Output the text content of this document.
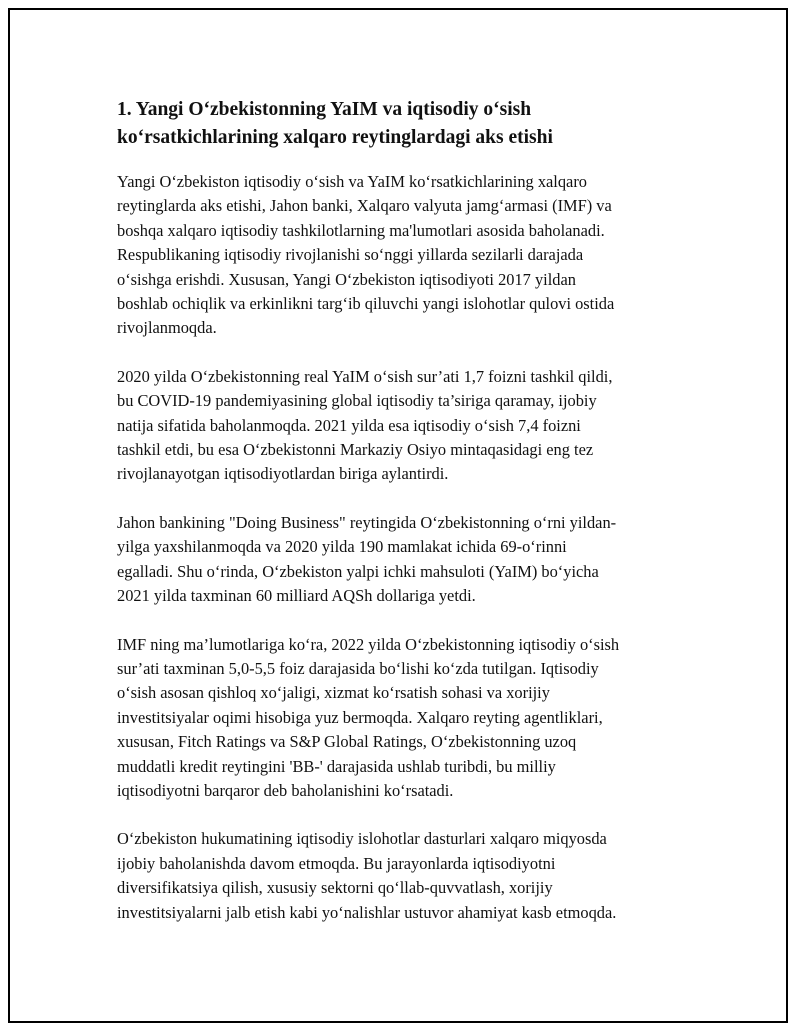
1. Yangi O‘zbekistonning YaIM va iqtisodiy o‘sish
ko‘rsatkichlarining xalqaro reytinglardagi aks etishi

Yangi O‘zbekiston iqtisodiy o‘sish va YaIM ko‘rsatkichlarining xalqaro
reytinglarda aks etishi, Jahon banki, Xalqaro valyuta jamg‘armasi (IMF) va
boshqa xalqaro iqtisodiy tashkilotlarning ma'lumotlari asosida baholanadi.
Respublikaning iqtisodiy rivojlanishi so‘nggi yillarda sezilarli darajada
o‘sishga erishdi. Xususan, Yangi O‘zbekiston iqtisodiyoti 2017 yildan
boshlab ochiqlik va erkinlikni targ‘ib qiluvchi yangi islohotlar qulovi ostida
rivojlanmoqda.

2020 yilda O‘zbekistonning real YaIM o‘sish sur’ati 1,7 foizni tashkil qildi,
bu COVID-19 pandemiyasining global iqtisodiy ta’siriga qaramay, ijobiy
natija sifatida baholanmoqda. 2021 yilda esa iqtisodiy o‘sish 7,4 foizni
tashkil etdi, bu esa O‘zbekistonni Markaziy Osiyo mintaqasidagi eng tez
rivojlanayotgan iqtisodiyotlardan biriga aylantirdi.

Jahon bankining "Doing Business" reytingida O‘zbekistonning o‘rni yildan-
yilga yaxshilanmoqda va 2020 yilda 190 mamlakat ichida 69-o‘rinni
egalladi. Shu o‘rinda, O‘zbekiston yalpi ichki mahsuloti (YaIM) bo‘yicha
2021 yilda taxminan 60 milliard AQSh dollariga yetdi.

IMF ning ma’lumotlariga ko‘ra, 2022 yilda O‘zbekistonning iqtisodiy o‘sish
sur’ati taxminan 5,0-5,5 foiz darajasida bo‘lishi ko‘zda tutilgan. Iqtisodiy
o‘sish asosan qishloq xo‘jaligi, xizmat ko‘rsatish sohasi va xorijiy
investitsiyalar oqimi hisobiga yuz bermoqda. Xalqaro reyting agentliklari,
xususan, Fitch Ratings va S&P Global Ratings, O‘zbekistonning uzoq
muddatli kredit reytingini 'BB-' darajasida ushlab turibdi, bu milliy
iqtisodiyotni barqaror deb baholanishini ko‘rsatadi.

O‘zbekiston hukumatining iqtisodiy islohotlar dasturlari xalqaro miqyosda
ijobiy baholanishda davom etmoqda. Bu jarayonlarda iqtisodiyotni
diversifikatsiya qilish, xususiy sektorni qo‘llab-quvvatlash, xorijiy
investitsiyalarni jalb etish kabi yo‘nalishlar ustuvor ahamiyat kasb etmoqda.
